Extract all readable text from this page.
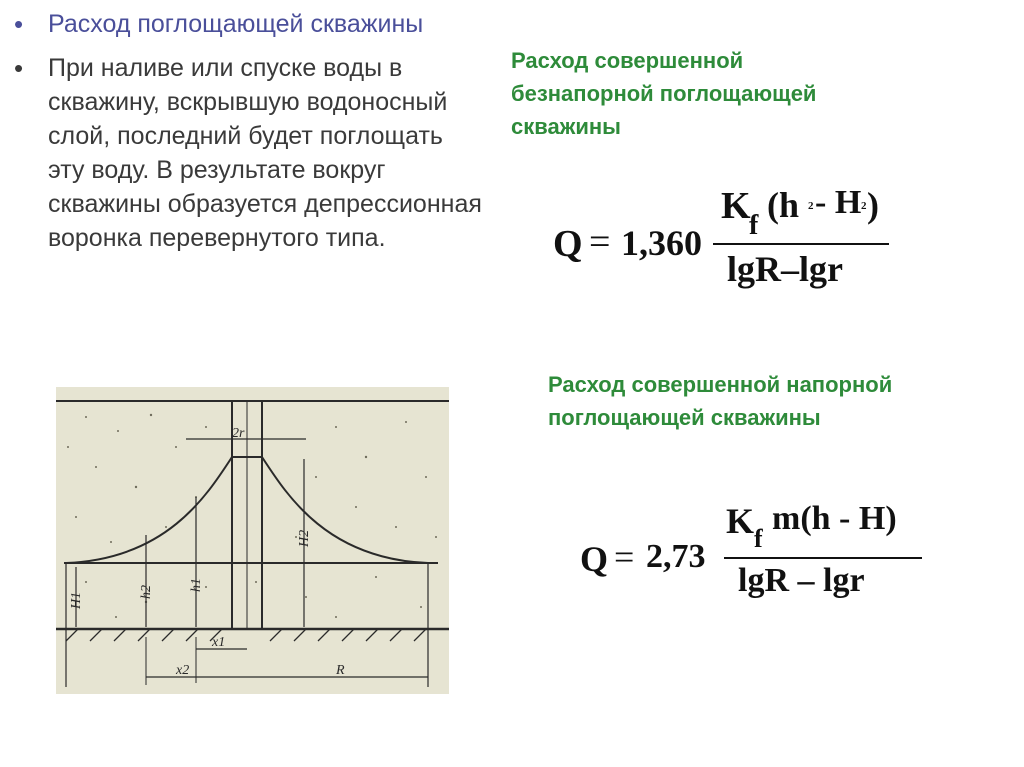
• Расход поглощающей скважины

• При наливе или спуске воды в скважину, вскрывшую водоносный слой, последний будет поглощать эту воду. В результате вокруг скважины образуется депрессионная воронка перевернутого типа.

Расход совершенной безнапорной поглощающей скважины
Q = 1,360
K
f
(h 2 - H 2 )
lgR–lgr
Расход совершенной напорной поглощающей скважины
Q = 2,73
K f
m(h - H)
lgR – lgr
2r
H2
h1
h2
H1
x1
x2	R
